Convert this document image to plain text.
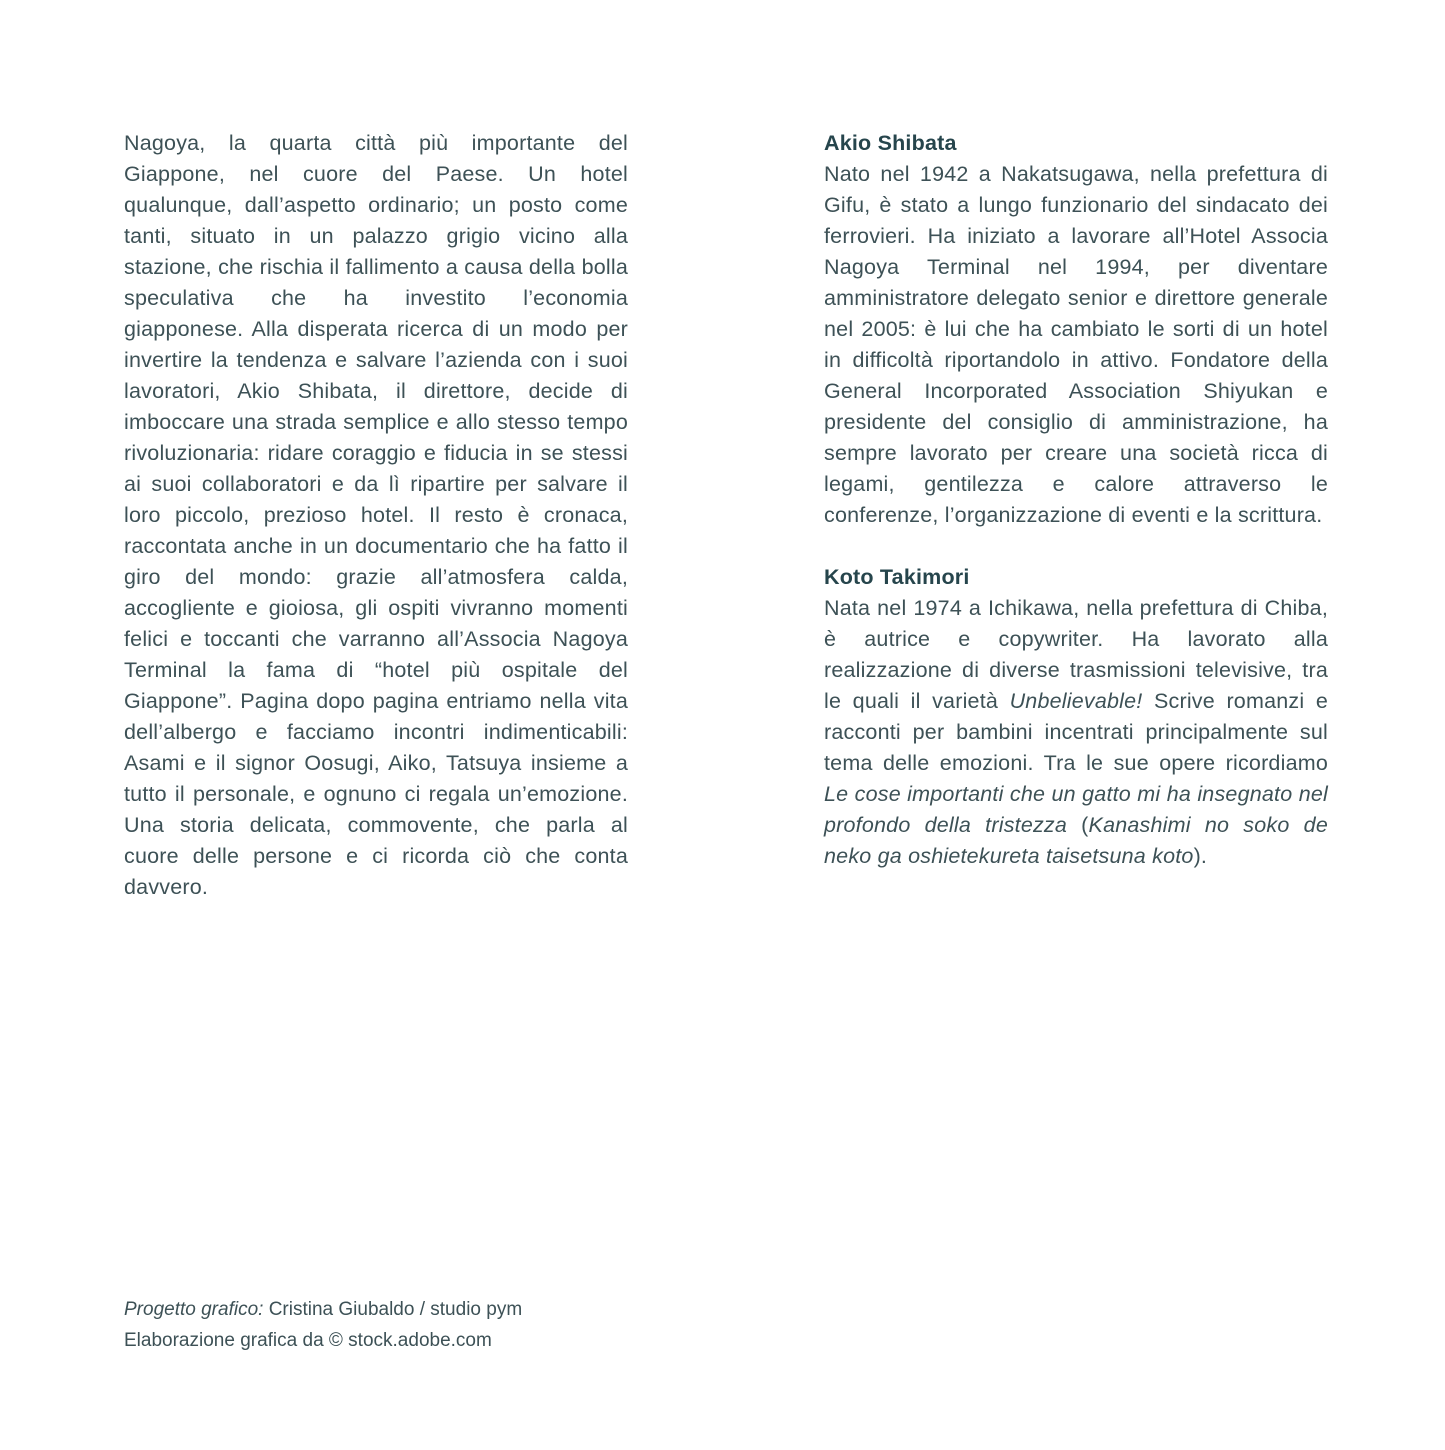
Nagoya, la quarta città più importante del Giappone, nel cuore del Paese. Un hotel qualunque, dall’aspetto ordinario; un posto come tanti, situato in un palazzo grigio vicino alla stazione, che rischia il fallimento a causa della bolla speculativa che ha investito l’economia giapponese. Alla disperata ricerca di un modo per invertire la tendenza e salvare l’azienda con i suoi lavoratori, Akio Shibata, il direttore, decide di imboccare una strada semplice e allo stesso tempo rivoluzionaria: ridare coraggio e fiducia in se stessi ai suoi collaboratori e da lì ripartire per salvare il loro piccolo, prezioso hotel. Il resto è cronaca, raccontata anche in un documentario che ha fatto il giro del mondo: grazie all’atmosfera calda, accogliente e gioiosa, gli ospiti vivranno momenti felici e toccanti che varranno all’Associa Nagoya Terminal la fama di “hotel più ospitale del Giappone”. Pagina dopo pagina entriamo nella vita dell’albergo e facciamo incontri indimenticabili: Asami e il signor Oosugi, Aiko, Tatsuya insieme a tutto il personale, e ognuno ci regala un’emozione. Una storia delicata, commovente, che parla al cuore delle persone e ci ricorda ciò che conta davvero.

Akio Shibata

Nato nel 1942 a Nakatsugawa, nella prefettura di Gifu, è stato a lungo funzionario del sindacato dei ferrovieri. Ha iniziato a lavorare all’Hotel Associa Nagoya Terminal nel 1994, per diventare amministratore delegato senior e direttore generale nel 2005: è lui che ha cambiato le sorti di un hotel in difficoltà riportandolo in attivo. Fondatore della General Incorporated Association Shiyukan e presidente del consiglio di amministrazione, ha sempre lavorato per creare una società ricca di legami, gentilezza e calore attraverso le conferenze, l’organizzazione di eventi e la scrittura.

Koto Takimori

Nata nel 1974 a Ichikawa, nella prefettura di Chiba, è autrice e copywriter. Ha lavorato alla realizzazione di diverse trasmissioni televisive, tra le quali il varietà Unbelievable! Scrive romanzi e racconti per bambini incentrati principalmente sul tema delle emozioni. Tra le sue opere ricordiamo Le cose importanti che un gatto mi ha insegnato nel profondo della tristezza (Kanashimi no soko de neko ga oshietekureta taisetsuna koto).

Progetto grafico: Cristina Giubaldo / studio pym

Elaborazione grafica da © stock.adobe.com
